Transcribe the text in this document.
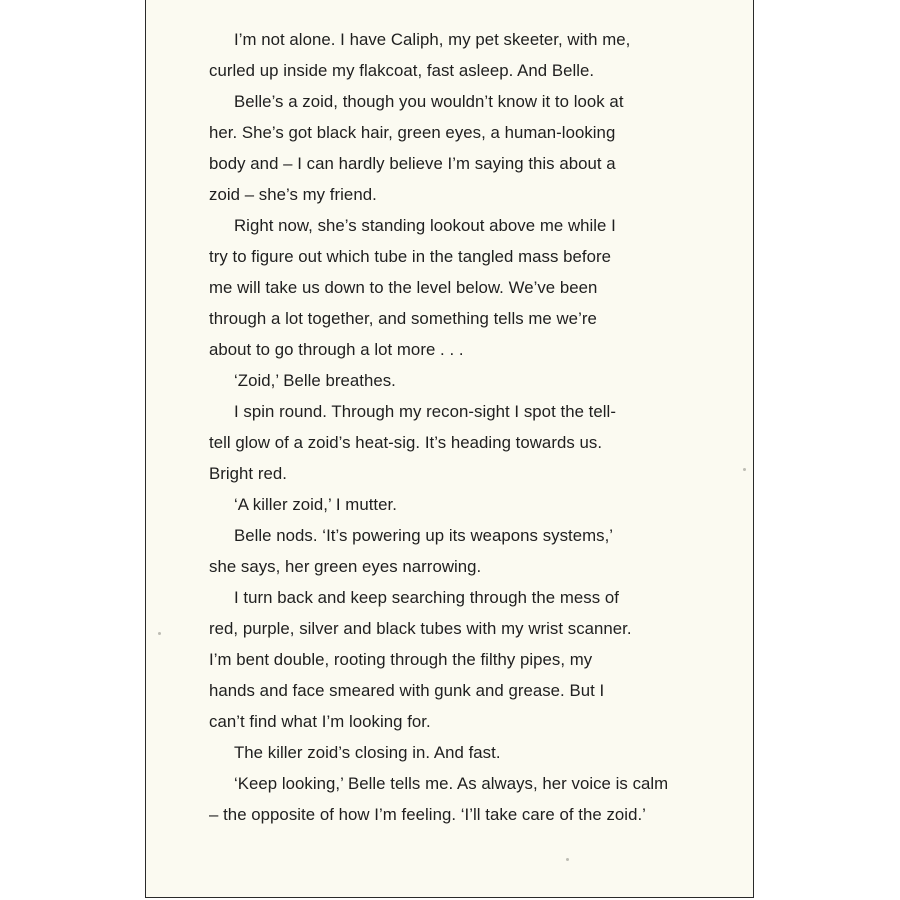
I’m not alone. I have Caliph, my pet skeeter, with me,
curled up inside my flakcoat, fast asleep. And Belle.

Belle’s a zoid, though you wouldn’t know it to look at
her. She’s got black hair, green eyes, a human-looking
body and – I can hardly believe I’m saying this about a
zoid – she’s my friend.

Right now, she’s standing lookout above me while I
try to figure out which tube in the tangled mass before
me will take us down to the level below. We’ve been
through a lot together, and something tells me we’re
about to go through a lot more . . .

‘Zoid,’ Belle breathes.

I spin round. Through my recon-sight I spot the tell-
tell glow of a zoid’s heat-sig. It’s heading towards us.
Bright red.

‘A killer zoid,’ I mutter.

Belle nods. ‘It’s powering up its weapons systems,’
she says, her green eyes narrowing.

I turn back and keep searching through the mess of
red, purple, silver and black tubes with my wrist scanner.
I’m bent double, rooting through the filthy pipes, my
hands and face smeared with gunk and grease. But I
can’t find what I’m looking for.

The killer zoid’s closing in. And fast.

‘Keep looking,’ Belle tells me. As always, her voice is calm
– the opposite of how I’m feeling. ‘I’ll take care of the zoid.’
